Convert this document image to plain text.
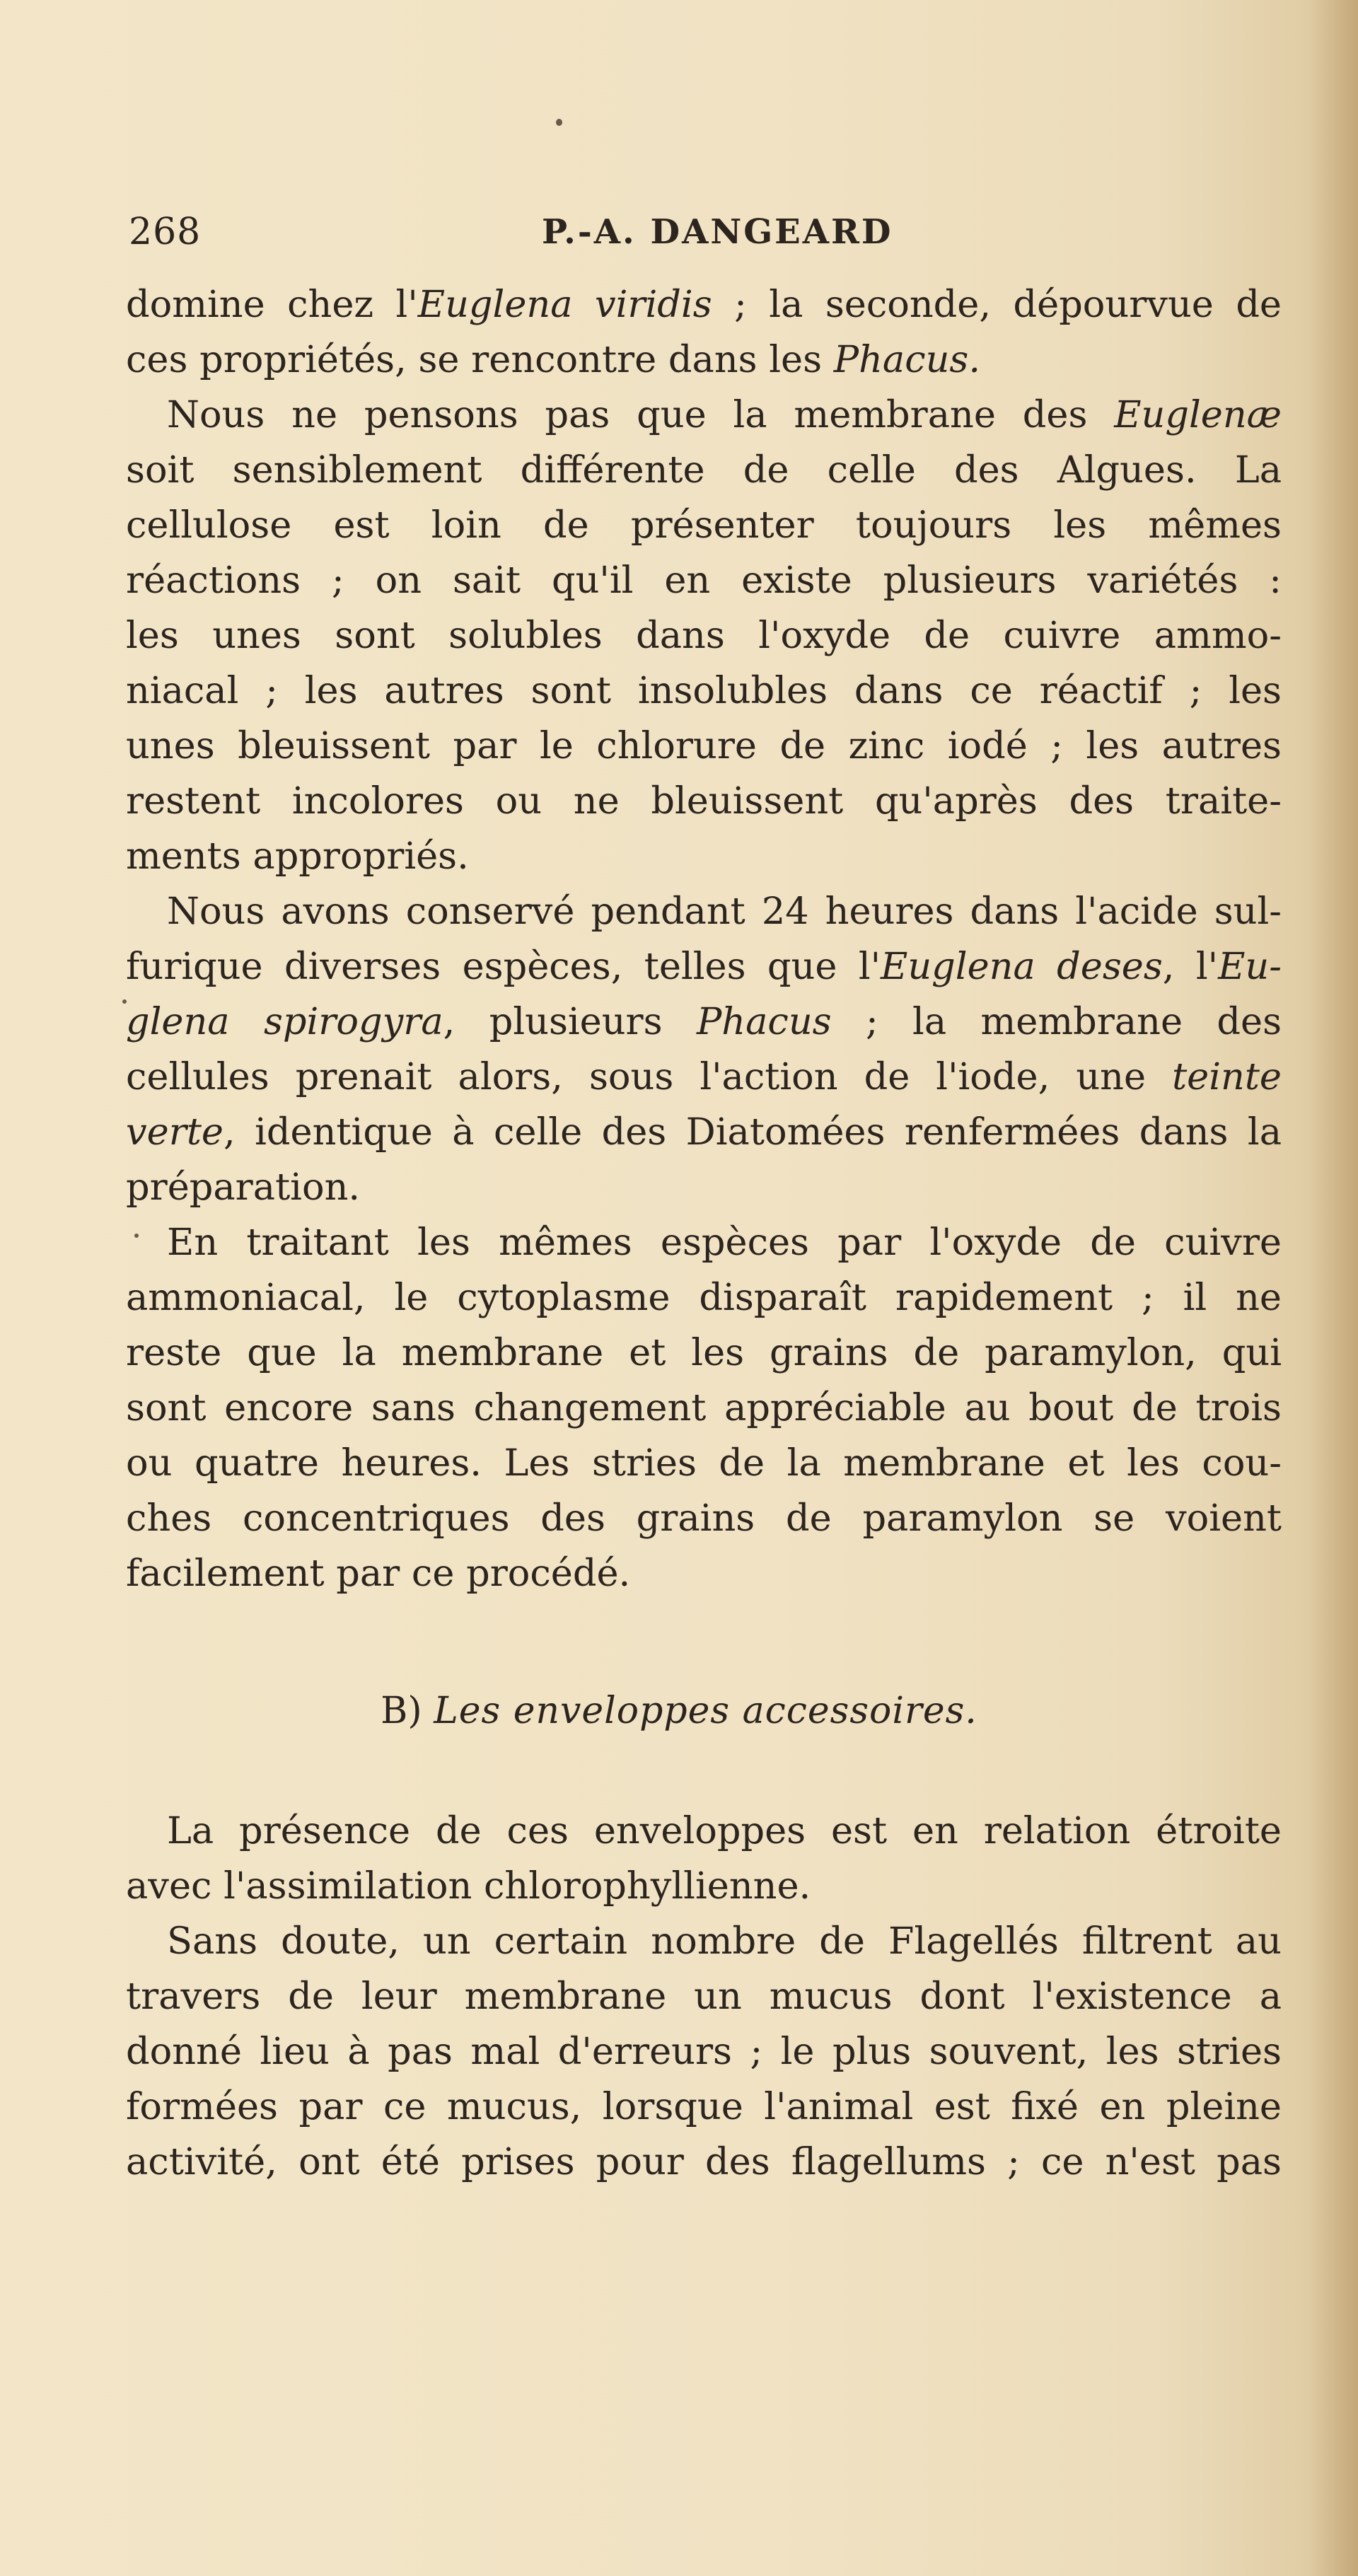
268	P.-A. DANGEARD
domine chez l'Euglena viridis ; la seconde, dépourvue de
ces propriétés, se rencontre dans les Phacus.
Nous ne pensons pas que la membrane des Euglenæ
soit sensiblement différente de celle des Algues. La
cellulose est loin de présenter toujours les mêmes
réactions ; on sait qu'il en existe plusieurs variétés :
les unes sont solubles dans l'oxyde de cuivre ammo-
niacal ; les autres sont insolubles dans ce réactif ; les
unes bleuissent par le chlorure de zinc iodé ; les autres
restent incolores ou ne bleuissent qu'après des traite-
ments appropriés.
Nous avons conservé pendant 24 heures dans l'acide sul-
furique diverses espèces, telles que l'Euglena deses, l'Eu-
glena spirogyra, plusieurs Phacus ; la membrane des
cellules prenait alors, sous l'action de l'iode, une teinte
verte, identique à celle des Diatomées renfermées dans la
préparation.
En traitant les mêmes espèces par l'oxyde de cuivre
ammoniacal, le cytoplasme disparaît rapidement ; il ne
reste que la membrane et les grains de paramylon, qui
sont encore sans changement appréciable au bout de trois
ou quatre heures. Les stries de la membrane et les cou-
ches concentriques des grains de paramylon se voient
facilement par ce procédé.
B) Les enveloppes accessoires.
La présence de ces enveloppes est en relation étroite
avec l'assimilation chlorophyllienne.
Sans doute, un certain nombre de Flagellés filtrent au
travers de leur membrane un mucus dont l'existence a
donné lieu à pas mal d'erreurs ; le plus souvent, les stries
formées par ce mucus, lorsque l'animal est fixé en pleine
activité, ont été prises pour des flagellums ; ce n'est pas
